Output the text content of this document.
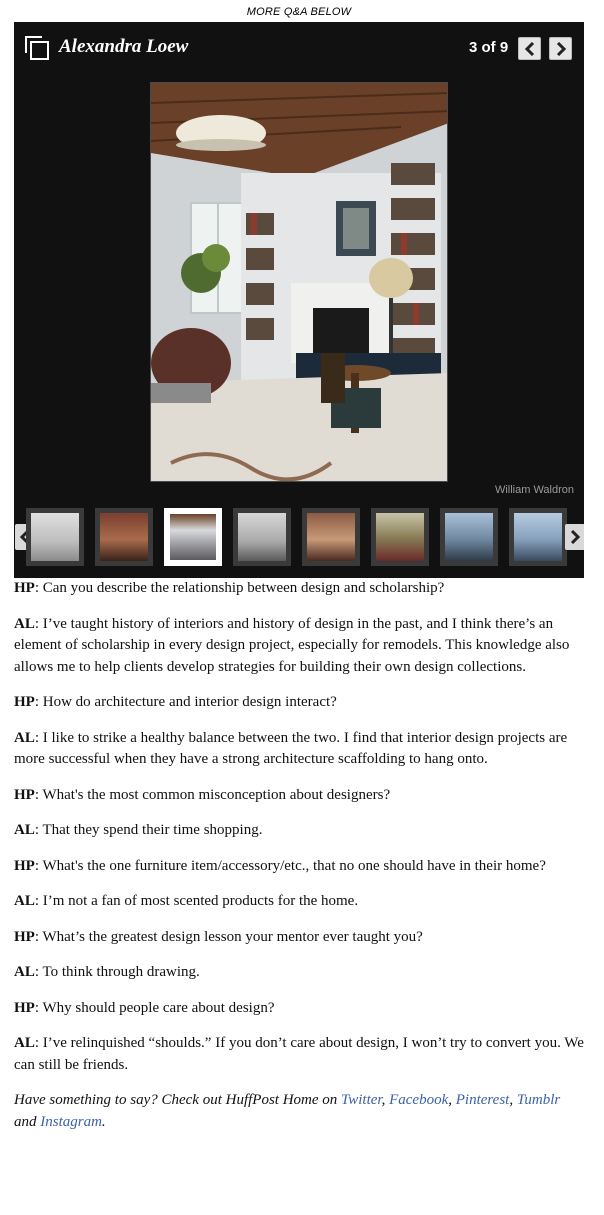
MORE Q&A BELOW
Alexandra Loew	3 of 9
William Waldron

HP: Can you describe the relationship between design and scholarship?

AL: I’ve taught history of interiors and history of design in the past, and I think there’s an element of scholarship in every design project, especially for remodels. This knowledge also allows me to help clients develop strategies for building their own design collections.

HP: How do architecture and interior design interact?

AL: I like to strike a healthy balance between the two. I find that interior design projects are more successful when they have a strong architecture scaffolding to hang onto.

HP: What's the most common misconception about designers?

AL: That they spend their time shopping.

HP: What's the one furniture item/accessory/etc., that no one should have in their home?

AL: I’m not a fan of most scented products for the home.

HP: What’s the greatest design lesson your mentor ever taught you?

AL: To think through drawing.

HP: Why should people care about design?

AL: I’ve relinquished “shoulds.” If you don’t care about design, I won’t try to convert you. We can still be friends.

Have something to say? Check out HuffPost Home on Twitter, Facebook, Pinterest, Tumblr and Instagram.
